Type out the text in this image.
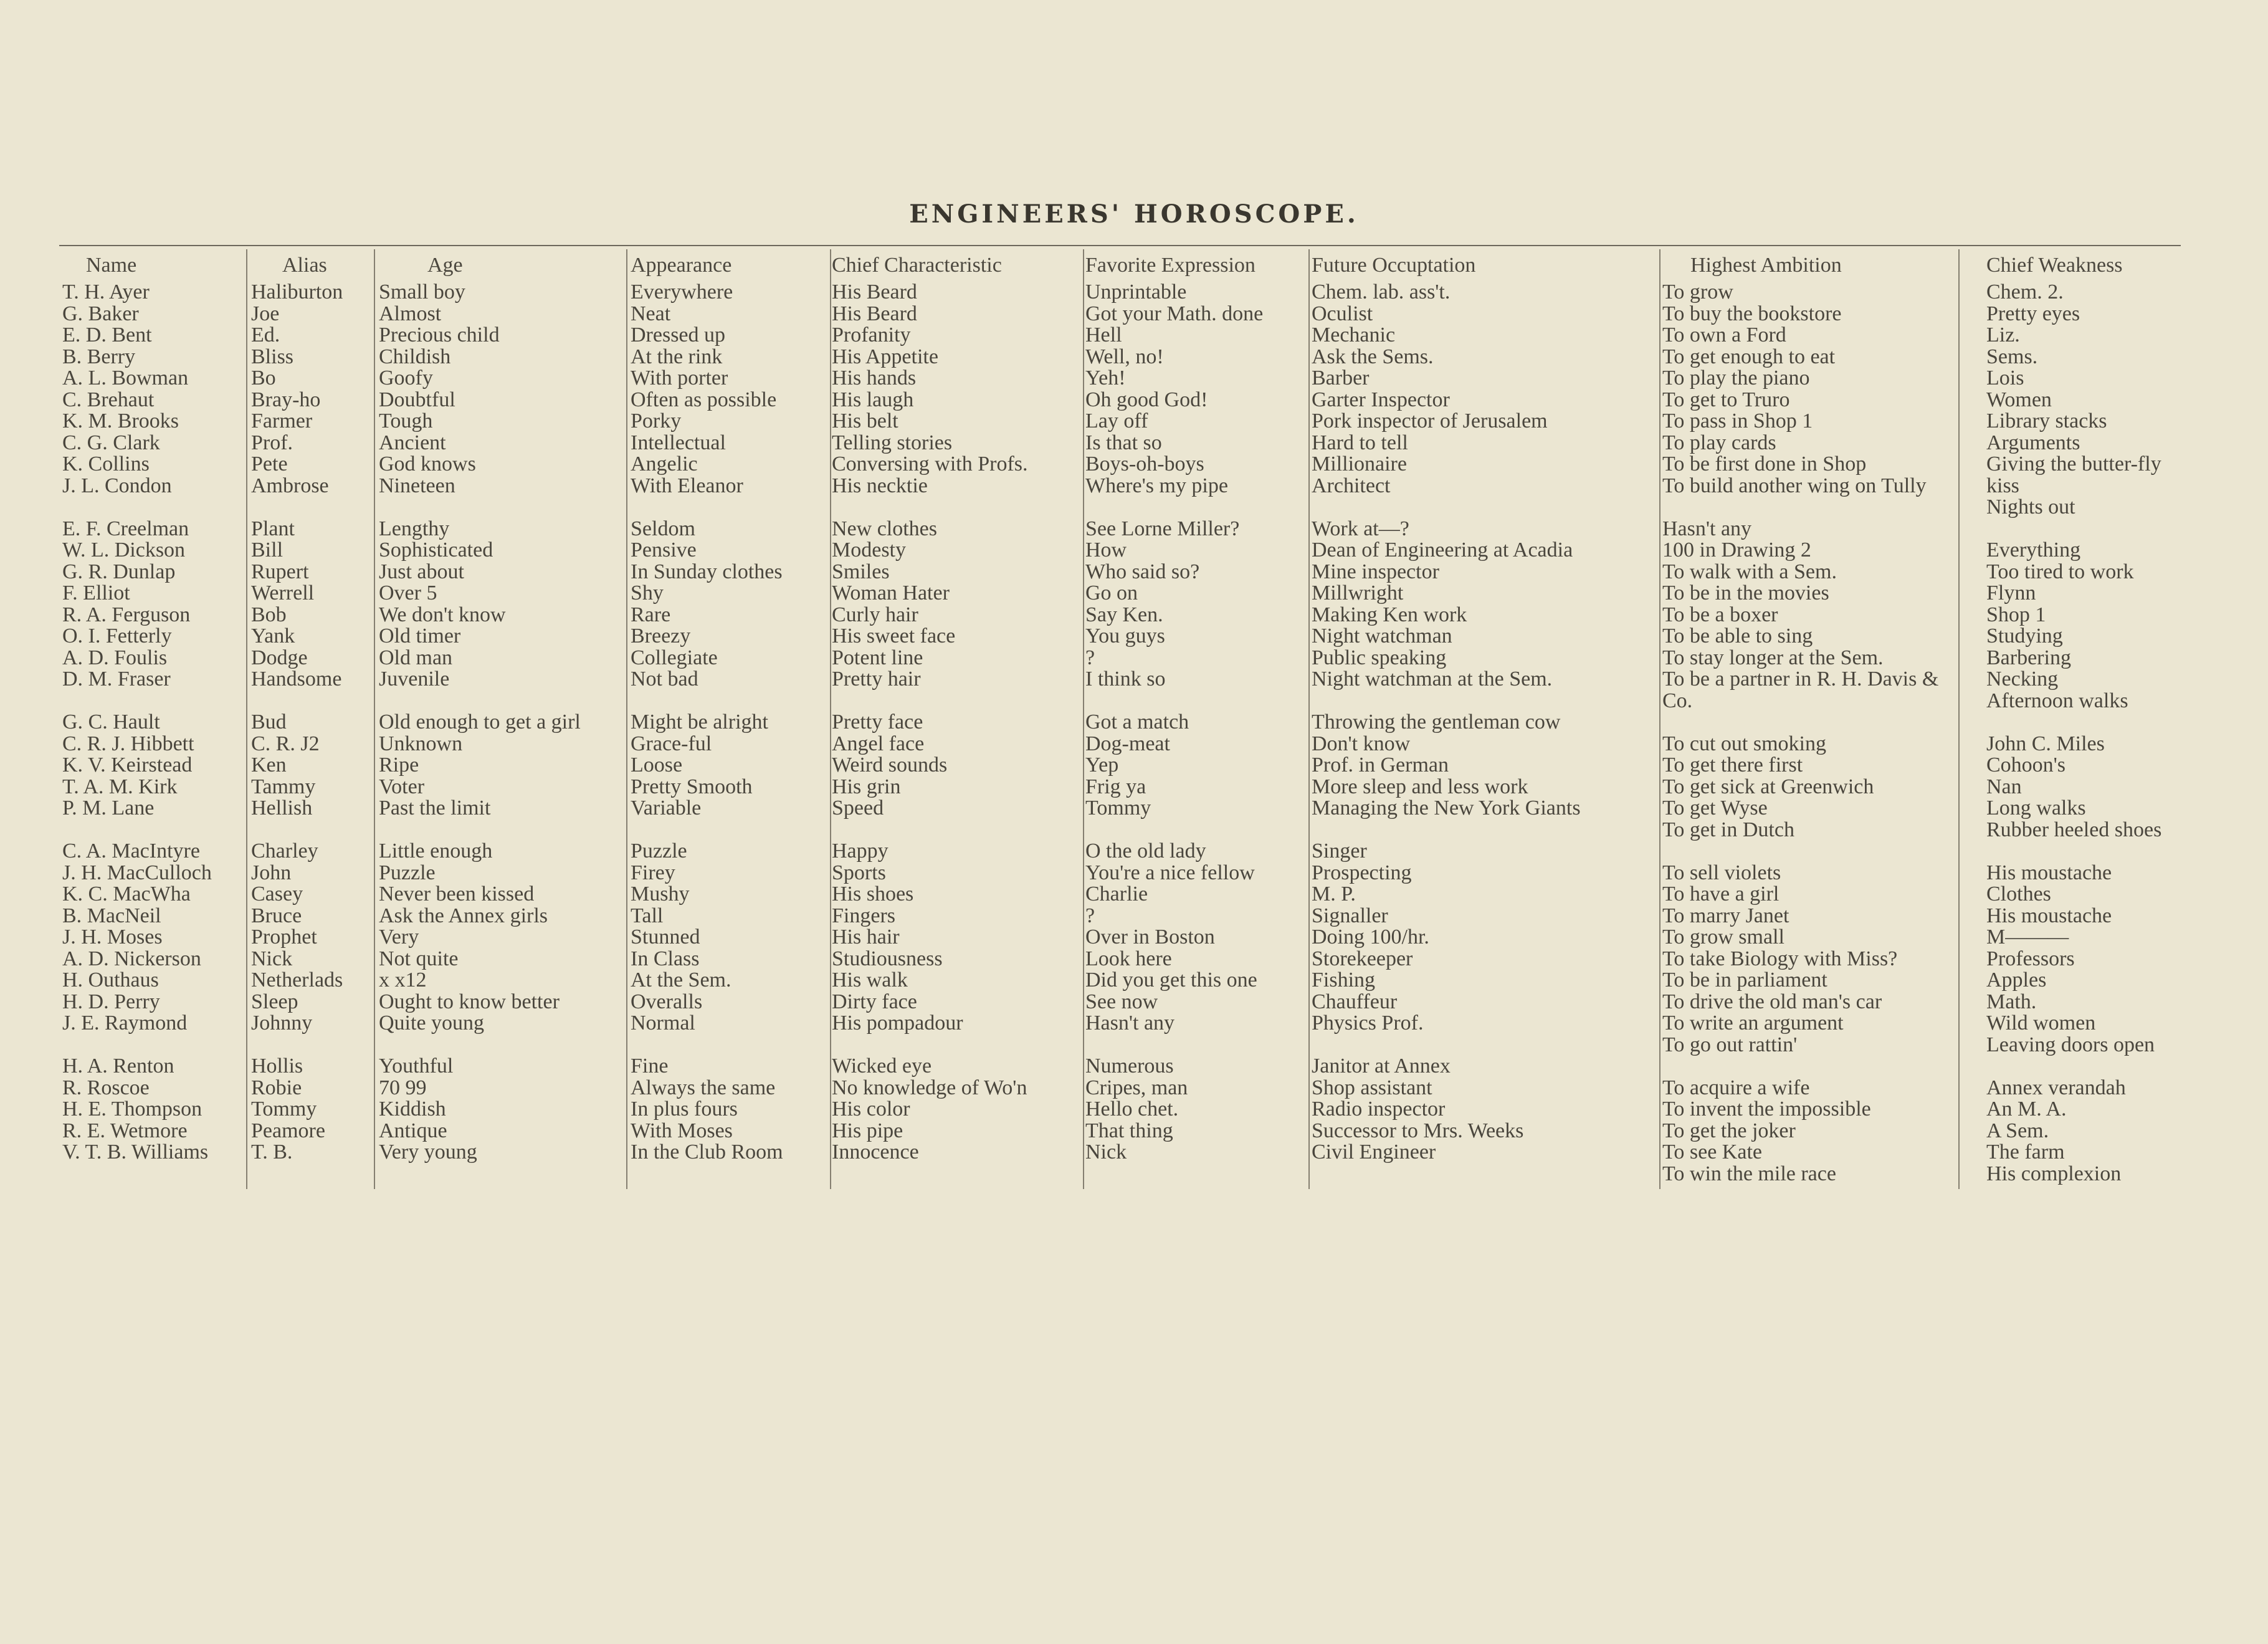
ENGINEERS' HOROSCOPE.
Name
T. H. Ayer
G. Baker
E. D. Bent
B. Berry
A. L. Bowman
C. Brehaut
K. M. Brooks
C. G. Clark
K. Collins
J. L. Condon
E. F. Creelman
W. L. Dickson
G. R. Dunlap
F. Elliot
R. A. Ferguson
O. I. Fetterly
A. D. Foulis
D. M. Fraser
G. C. Hault
C. R. J. Hibbett
K. V. Keirstead
T. A. M. Kirk
P. M. Lane
C. A. MacIntyre
J. H. MacCulloch
K. C. MacWha
B. MacNeil
J. H. Moses
A. D. Nickerson
H. Outhaus
H. D. Perry
J. E. Raymond
H. A. Renton
R. Roscoe
H. E. Thompson
R. E. Wetmore
V. T. B. Williams
Alias
Haliburton
Joe
Ed.
Bliss
Bo
Bray-ho
Farmer
Prof.
Pete
Ambrose
Plant
Bill
Rupert
Werrell
Bob
Yank
Dodge
Handsome
Bud
C. R. J2
Ken
Tammy
Hellish
Charley
John
Casey
Bruce
Prophet
Nick
Netherlads
Sleep
Johnny
Hollis
Robie
Tommy
Peamore
T. B.
Age
Small boy
Almost
Precious child
Childish
Goofy
Doubtful
Tough
Ancient
God knows
Nineteen
Lengthy
Sophisticated
Just about
Over 5
We don't know
Old timer
Old man
Juvenile
Old enough to get a girl
Unknown
Ripe
Voter
Past the limit
Little enough
Puzzle
Never been kissed
Ask the Annex girls
Very
Not quite
x x12
Ought to know better
Quite young
Youthful
70 99
Kiddish
Antique
Very young
Appearance
Everywhere
Neat
Dressed up
At the rink
With porter
Often as possible
Porky
Intellectual
Angelic
With Eleanor
Seldom
Pensive
In Sunday clothes
Shy
Rare
Breezy
Collegiate
Not bad
Might be alright
Grace-ful
Loose
Pretty Smooth
Variable
Puzzle
Firey
Mushy
Tall
Stunned
In Class
At the Sem.
Overalls
Normal
Fine
Always the same
In plus fours
With Moses
In the Club Room
Chief Characteristic
His Beard
His Beard
Profanity
His Appetite
His hands
His laugh
His belt
Telling stories
Conversing with Profs.
His necktie
New clothes
Modesty
Smiles
Woman Hater
Curly hair
His sweet face
Potent line
Pretty hair
Pretty face
Angel face
Weird sounds
His grin
Speed
Happy
Sports
His shoes
Fingers
His hair
Studiousness
His walk
Dirty face
His pompadour
Wicked eye
No knowledge of Wo'n
His color
His pipe
Innocence
Favorite Expression
Unprintable
Got your Math. done
Hell
Well, no!
Yeh!
Oh good God!
Lay off
Is that so
Boys-oh-boys
Where's my pipe
See Lorne Miller?
How
Who said so?
Go on
Say Ken.
You guys
?
I think so
Got a match
Dog-meat
Yep
Frig ya
Tommy
O the old lady
You're a nice fellow
Charlie
?
Over in Boston
Look here
Did you get this one
See now
Hasn't any
Numerous
Cripes, man
Hello chet.
That thing
Nick
Future Occuptation
Chem. lab. ass't.
Oculist
Mechanic
Ask the Sems.
Barber
Garter Inspector
Pork inspector of Jerusalem
Hard to tell
Millionaire
Architect
Work at—?
Dean of Engineering at Acadia
Mine inspector
Millwright
Making Ken work
Night watchman
Public speaking
Night watchman at the Sem.
Throwing the gentleman cow
Don't know
Prof. in German
More sleep and less work
Managing the New York Giants
Singer
Prospecting
M. P.
Signaller
Doing 100/hr.
Storekeeper
Fishing
Chauffeur
Physics Prof.
Janitor at Annex
Shop assistant
Radio inspector
Successor to Mrs. Weeks
Civil Engineer
Highest Ambition
To grow
To buy the bookstore
To own a Ford
To get enough to eat
To play the piano
To get to Truro
To pass in Shop 1
To play cards
To be first done in Shop
To build another wing on Tully
Hasn't any
100 in Drawing 2
To walk with a Sem.
To be in the movies
To be a boxer
To be able to sing
To stay longer at the Sem.
To be a partner in R. H. Davis & Co.
To cut out smoking
To get there first
To get sick at Greenwich
To get Wyse
To get in Dutch
To sell violets
To have a girl
To marry Janet
To grow small
To take Biology with Miss?
To be in parliament
To drive the old man's car
To write an argument
To go out rattin'
To acquire a wife
To invent the impossible
To get the joker
To see Kate
To win the mile race
Chief Weakness
Chem. 2.
Pretty eyes
Liz.
Sems.
Lois
Women
Library stacks
Arguments
Giving the butter-fly kiss
Nights out
Everything
Too tired to work
Flynn
Shop 1
Studying
Barbering
Necking
Afternoon walks
John C. Miles
Cohoon's
Nan
Long walks
Rubber heeled shoes
His moustache
Clothes
His moustache
M———
Professors
Apples
Math.
Wild women
Leaving doors open
Annex verandah
An M. A.
A Sem.
The farm
His complexion
